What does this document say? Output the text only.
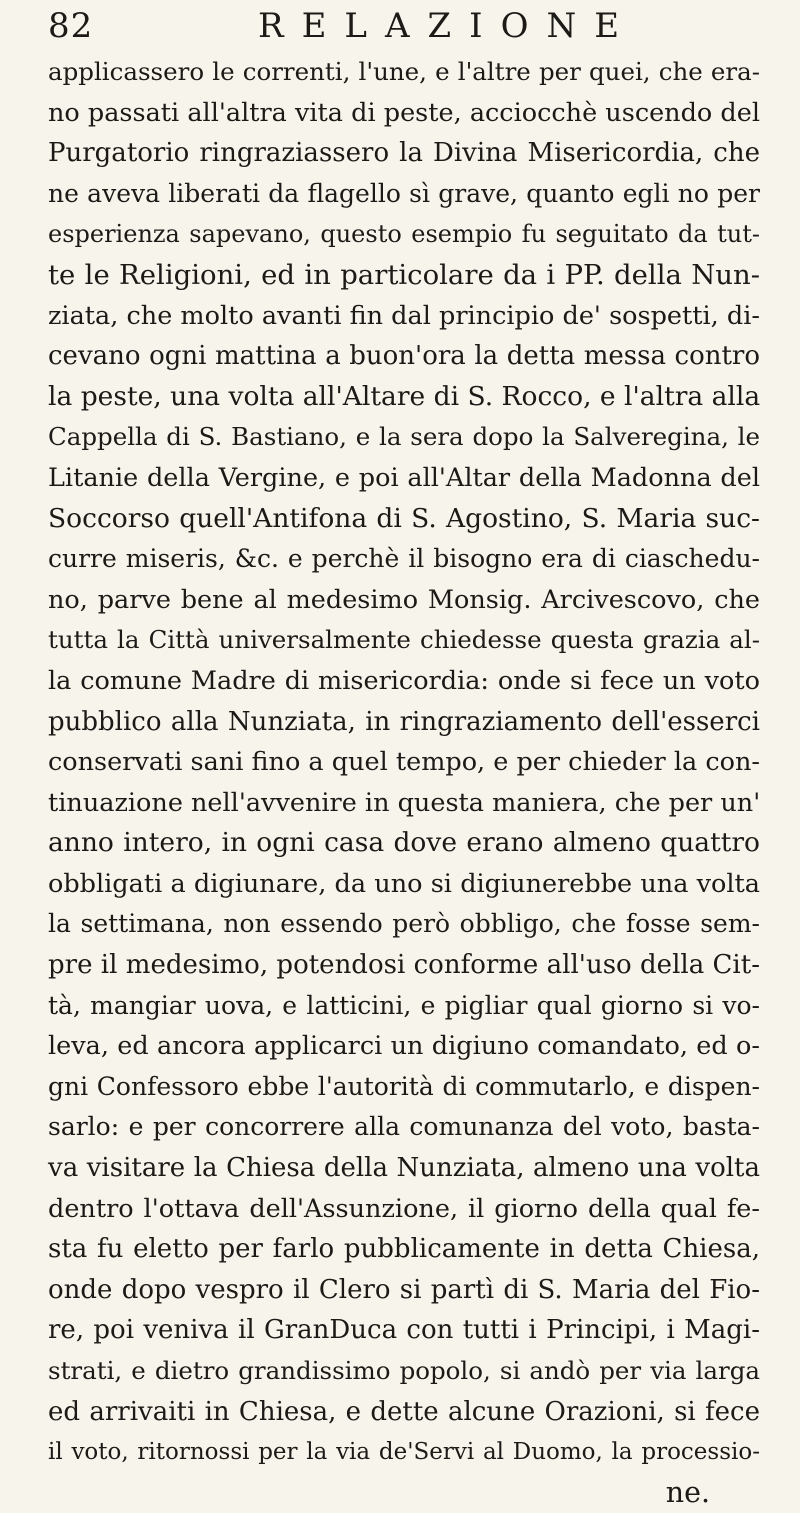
82	RELAZIONE
applicassero le correnti, l'une, e l'altre per quei, che era-
no passati all'altra vita di peste, acciocchè uscendo del
Purgatorio ringraziassero la Divina Misericordia, che
ne aveva liberati da flagello sì grave, quanto egli no per
esperienza sapevano, questo esempio fu seguitato da tut-
te le Religioni, ed in particolare da i PP. della Nun-
ziata, che molto avanti fin dal principio de' sospetti, di-
cevano ogni mattina a buon'ora la detta messa contro
la peste, una volta all'Altare di S. Rocco, e l'altra alla
Cappella di S. Bastiano, e la sera dopo la Salveregina, le
Litanie della Vergine, e poi all'Altar della Madonna del
Soccorso quell'Antifona di S. Agostino, S. Maria suc-
curre miseris, &c. e perchè il bisogno era di ciaschedu-
no, parve bene al medesimo Monsig. Arcivescovo, che
tutta la Città universalmente chiedesse questa grazia al-
la comune Madre di misericordia: onde si fece un voto
pubblico alla Nunziata, in ringraziamento dell'esserci
conservati sani fino a quel tempo, e per chieder la con-
tinuazione nell'avvenire in questa maniera, che per un'
anno intero, in ogni casa dove erano almeno quattro
obbligati a digiunare, da uno si digiunerebbe una volta
la settimana, non essendo però obbligo, che fosse sem-
pre il medesimo, potendosi conforme all'uso della Cit-
tà, mangiar uova, e latticini, e pigliar qual giorno si vo-
leva, ed ancora applicarci un digiuno comandato, ed o-
gni Confessoro ebbe l'autorità di commutarlo, e dispen-
sarlo: e per concorrere alla comunanza del voto, basta-
va visitare la Chiesa della Nunziata, almeno una volta
dentro l'ottava dell'Assunzione, il giorno della qual fe-
sta fu eletto per farlo pubblicamente in detta Chiesa,
onde dopo vespro il Clero si partì di S. Maria del Fio-
re, poi veniva il GranDuca con tutti i Principi, i Magi-
strati, e dietro grandissimo popolo, si andò per via larga
ed arrivaiti in Chiesa, e dette alcune Orazioni, si fece
il voto, ritornossi per la via de'Servi al Duomo, la processio-
ne.
